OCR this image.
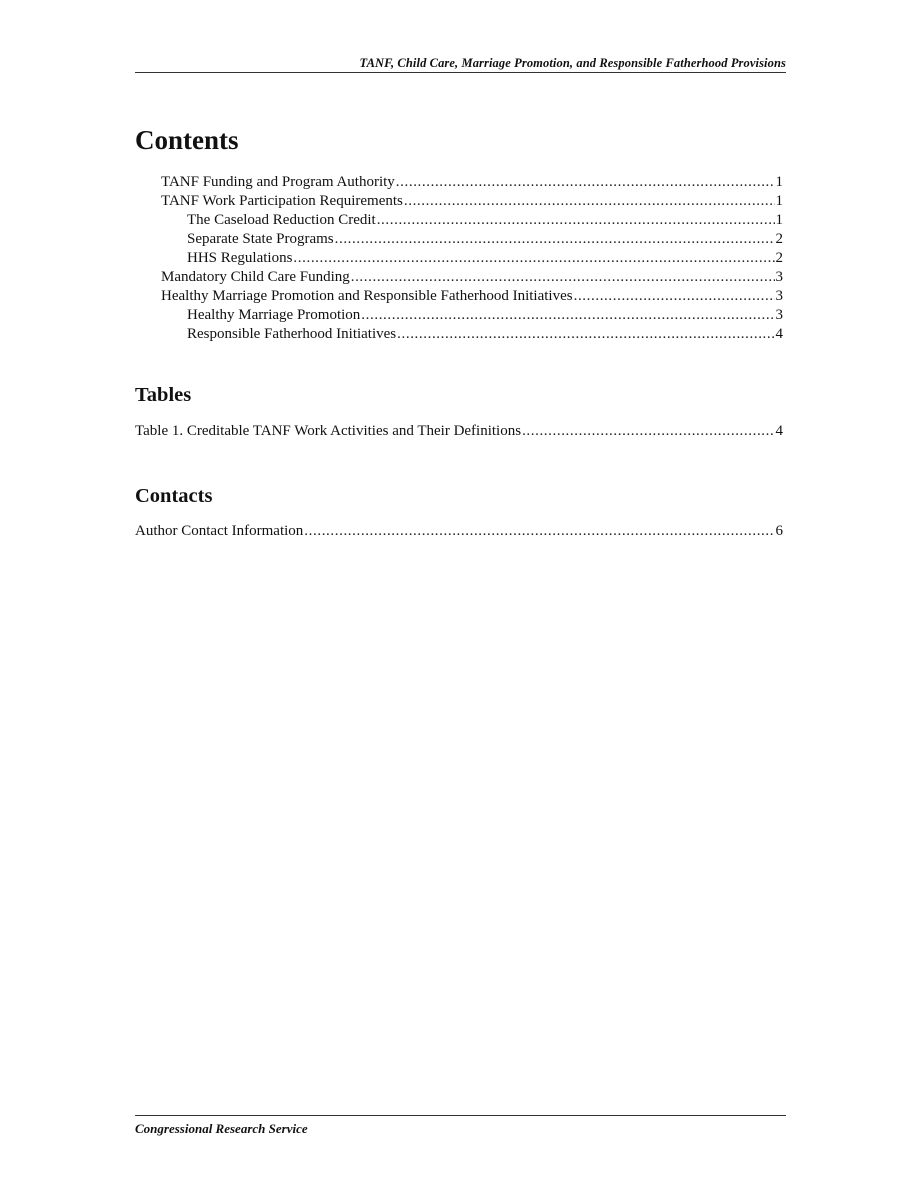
TANF, Child Care, Marriage Promotion, and Responsible Fatherhood Provisions
Contents
TANF Funding and Program Authority .....	1
TANF Work Participation Requirements .....	1
The Caseload Reduction Credit .....	1
Separate State Programs .....	2
HHS Regulations .....	2
Mandatory Child Care Funding .....	3
Healthy Marriage Promotion and Responsible Fatherhood Initiatives .....	3
Healthy Marriage Promotion .....	3
Responsible Fatherhood Initiatives .....	4
Tables
Table 1. Creditable TANF Work Activities and Their Definitions .....	4
Contacts
Author Contact Information .....	6
Congressional Research Service
